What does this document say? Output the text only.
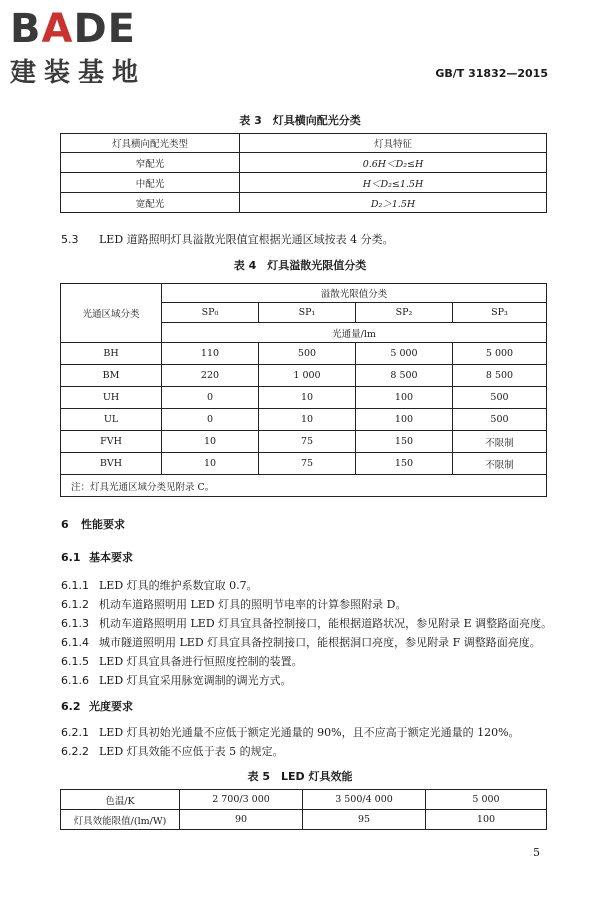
BADE
建装基地	GB/T 31832—2015
表 3　灯具横向配光分类
灯具横向配光类型	灯具特征
窄配光	0.6H＜D₂≤H
中配光	H＜D₂≤1.5H
宽配光	D₂＞1.5H
5.3 LED 道路照明灯具溢散光限值宜根据光通区域按表 4 分类。
表 4　灯具溢散光限值分类
光通区域分类	溢散光限值分类			
	SP₀	SP₁	SP₂	SP₃
	光通量/lm			
BH	110	500	5 000	5 000
BM	220	1 000	8 500	8 500
UH	0	10	100	500
UL	0	10	100	500
FVH	10	75	150	不限制
BVH	10	75	150	不限制
注：灯具光通区域分类见附录 C。				
6 性能要求
6.1 基本要求
6.1.1 LED 灯具的维护系数宜取 0.7。
6.1.2 机动车道路照明用 LED 灯具的照明节电率的计算参照附录 D。
6.1.3 机动车道路照明用 LED 灯具宜具备控制接口，能根据道路状况，参见附录 E 调整路面亮度。
6.1.4 城市隧道照明用 LED 灯具宜具备控制接口，能根据洞口亮度，参见附录 F 调整路面亮度。
6.1.5 LED 灯具宜具备进行恒照度控制的装置。
6.1.6 LED 灯具宜采用脉宽调制的调光方式。
6.2 光度要求
6.2.1 LED 灯具初始光通量不应低于额定光通量的 90%，且不应高于额定光通量的 120%。
6.2.2 LED 灯具效能不应低于表 5 的规定。
表 5　LED 灯具效能
色温/K	2 700/3 000	3 500/4 000	5 000
灯具效能限值/(lm/W)	90	95	100
5
